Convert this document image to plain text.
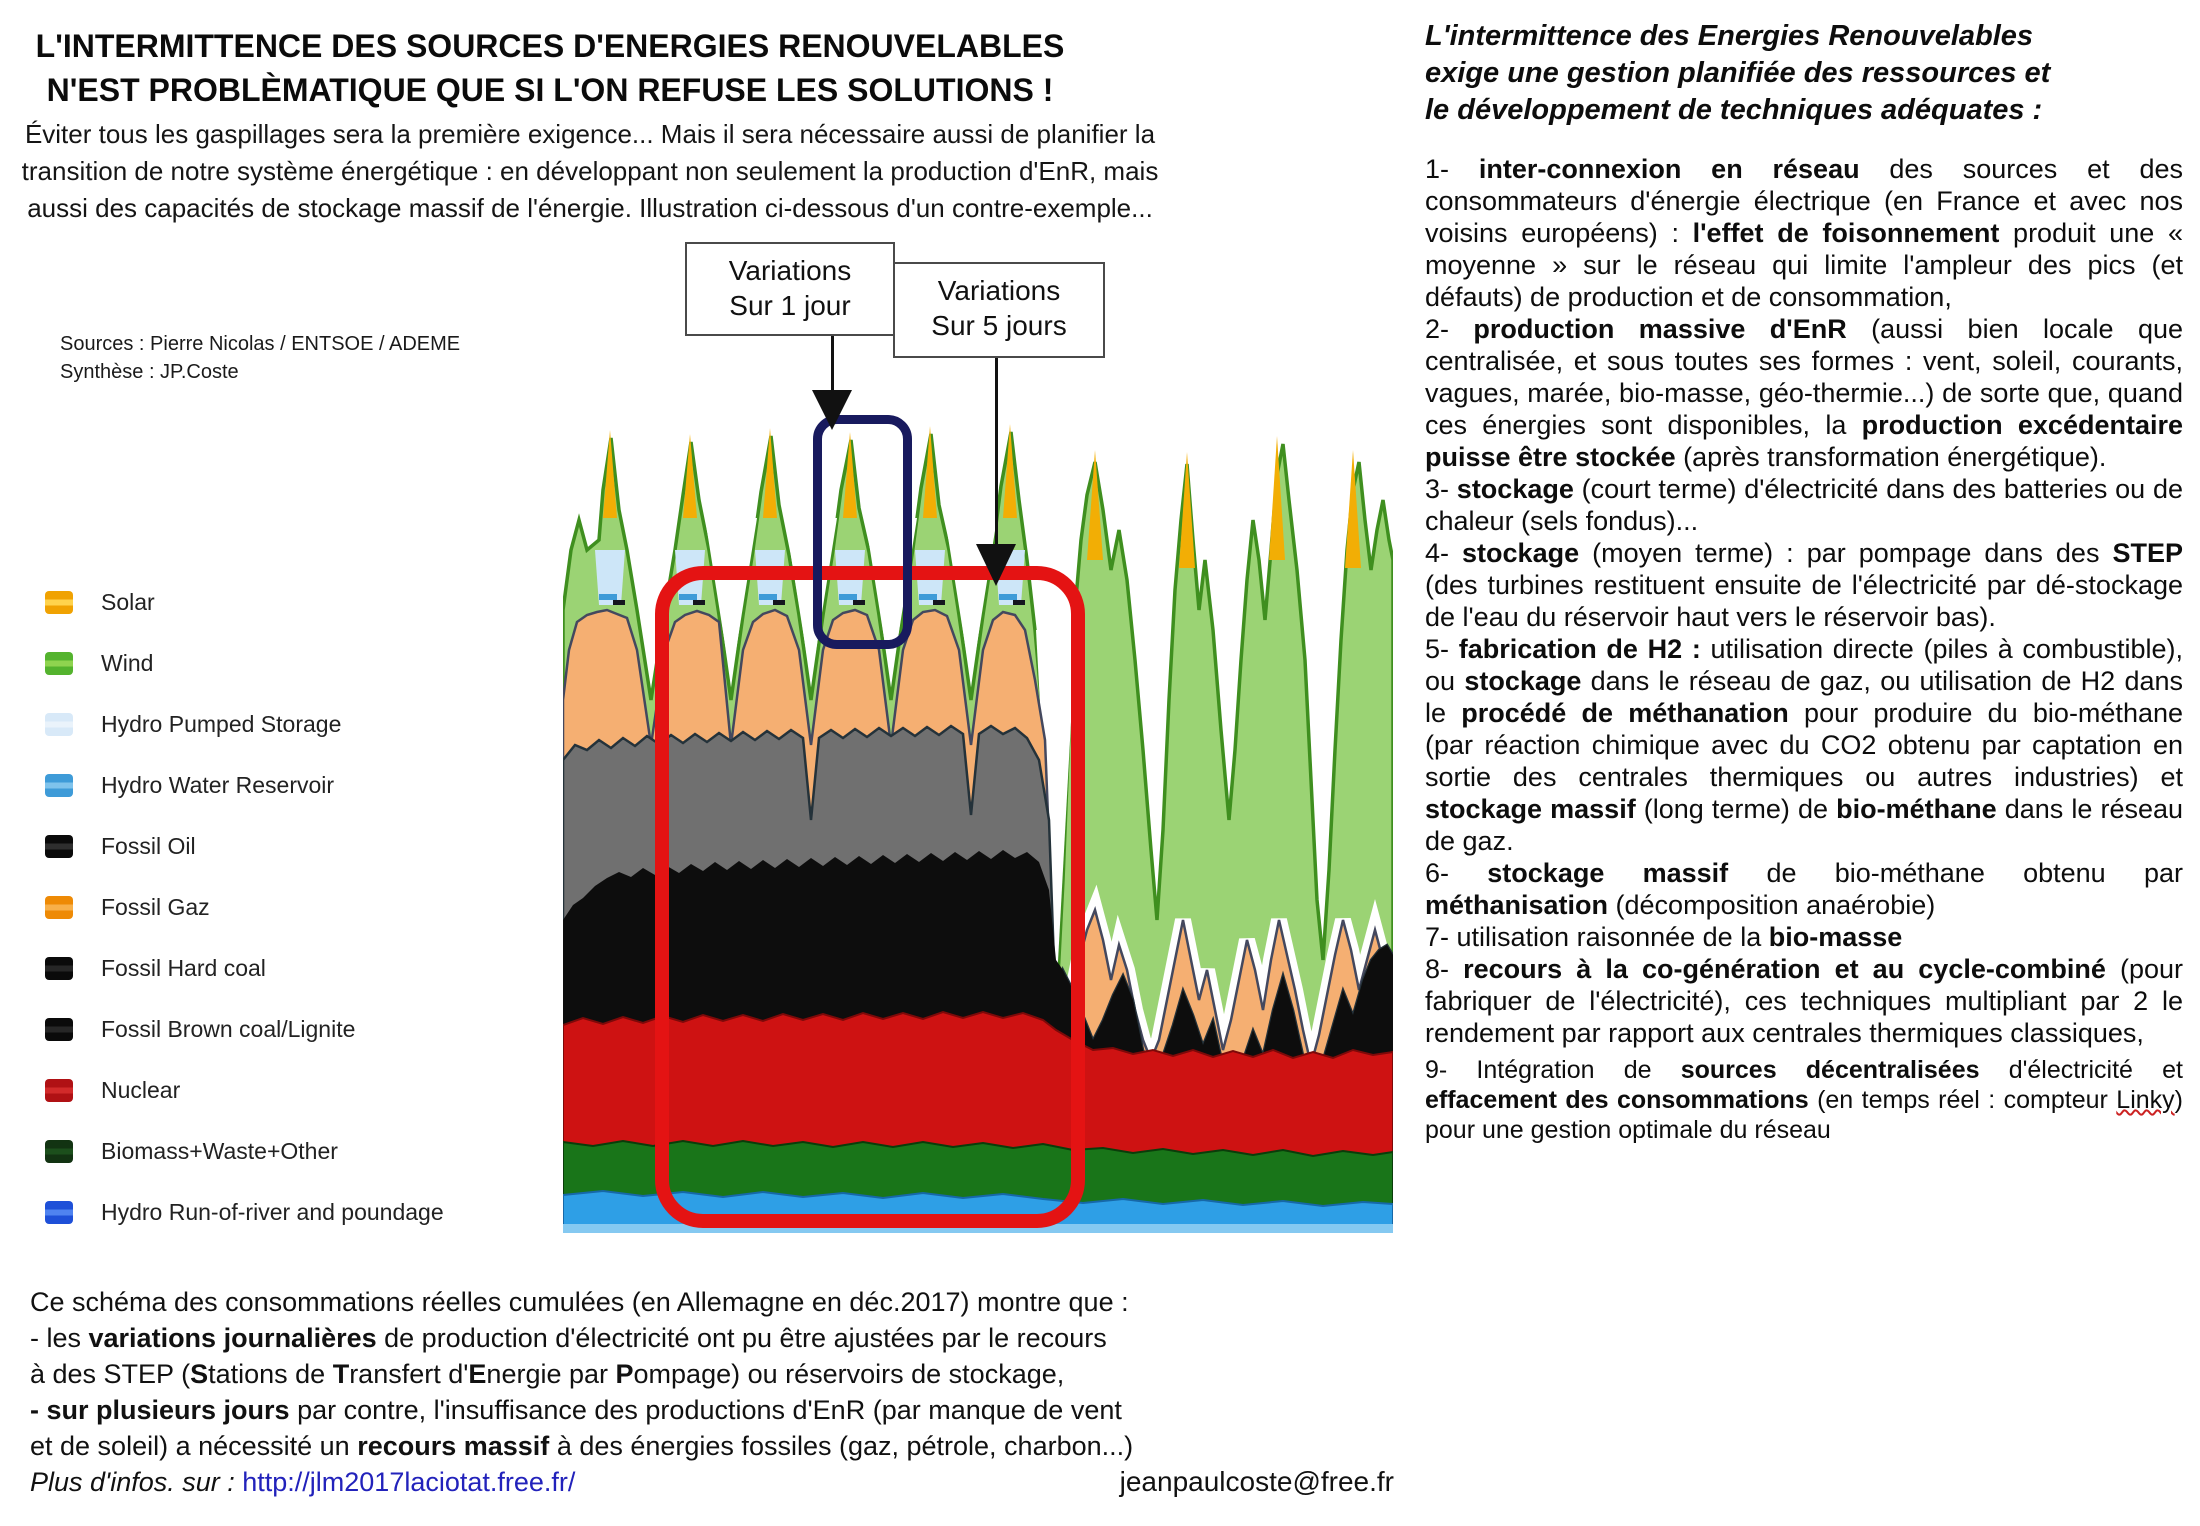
L'INTERMITTENCE DES SOURCES D'ENERGIES RENOUVELABLES
N'EST PROBLÈMATIQUE QUE SI L'ON REFUSE LES SOLUTIONS !
Éviter tous les gaspillages sera la première exigence... Mais il sera nécessaire aussi de planifier la
transition de notre système énergétique : en développant non seulement la production d'EnR, mais
aussi des capacités de stockage massif de l'énergie. Illustration ci-dessous d'un contre-exemple...
Sources : Pierre Nicolas / ENTSOE / ADEME
Synthèse : JP.Coste
Variations
Sur 1 jour	Variations
Sur 5 jours
Solar
Wind
Hydro Pumped Storage
Hydro Water Reservoir
Fossil Oil
Fossil Gaz
Fossil Hard coal
Fossil Brown coal/Lignite
Nuclear
Biomass+Waste+Other
Hydro Run-of-river and poundage
Ce schéma des consommations réelles cumulées (en Allemagne en déc.2017) montre que :
- les variations journalières de production d'électricité ont pu être ajustées par le recours
à des STEP (Stations de Transfert d'Energie par Pompage) ou réservoirs de stockage,
- sur plusieurs jours par contre, l'insuffisance des productions d'EnR (par manque de vent
et de soleil) a nécessité un recours massif à des énergies fossiles (gaz, pétrole, charbon...)
Plus d'infos. sur : http://jlm2017laciotat.free.fr/	jeanpaulcoste@free.fr
L'intermittence des Energies Renouvelables
exige une gestion planifiée des ressources et
le développement de techniques adéquates :

1- inter-connexion en réseau des sources et des consommateurs d'énergie électrique (en France et avec nos voisins européens) : l'effet de foisonnement produit une « moyenne » sur le réseau qui limite l'ampleur des pics (et défauts) de production et de consommation,

2- production massive d'EnR (aussi bien locale que centralisée, et sous toutes ses formes : vent, soleil, courants, vagues, marée, bio-masse, géo-thermie...) de sorte que, quand ces énergies sont disponibles, la production excédentaire puisse être stockée (après transformation énergétique).

3- stockage (court terme) d'électricité dans des batteries ou de chaleur (sels fondus)...

4- stockage (moyen terme) : par pompage dans des STEP (des turbines restituent ensuite de l'électricité par dé-stockage de l'eau du réservoir haut vers le réservoir bas).

5- fabrication de H2 : utilisation directe (piles à combustible), ou stockage dans le réseau de gaz, ou utilisation de H2 dans le procédé de méthanation pour produire du bio-méthane (par réaction chimique avec du CO2 obtenu par captation en sortie des centrales thermiques ou autres industries) et stockage massif (long terme) de bio-méthane dans le réseau de gaz.

6- stockage massif de bio-méthane obtenu par méthanisation (décomposition anaérobie)

7- utilisation raisonnée de la bio-masse

8- recours à la co-génération et au cycle-combiné (pour fabriquer de l'électricité), ces techniques multipliant par 2 le rendement par rapport aux centrales thermiques classiques,

9- Intégration de sources décentralisées d'électricité et effacement des consommations (en temps réel : compteur Linky) pour une gestion optimale du réseau
